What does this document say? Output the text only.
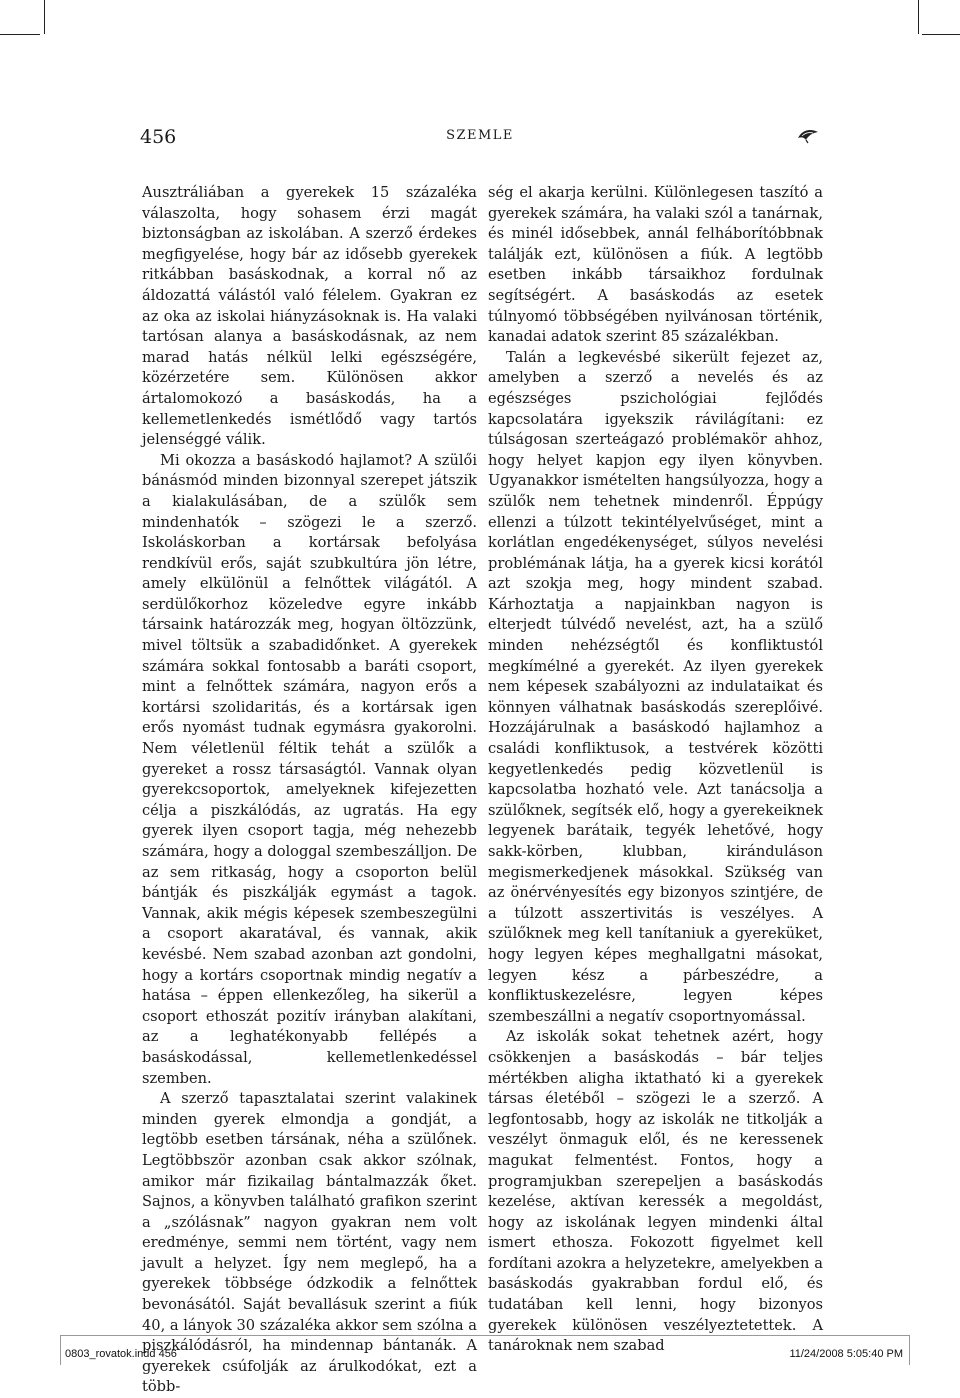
456	SZEMLE

Ausztráliában a gyerekek 15 százaléka válaszolta, hogy sohasem érzi magát biztonságban az iskolában. A szerző érdekes megfigyelése, hogy bár az idősebb gyerekek ritkábban basáskodnak, a korral nő az áldozattá válástól való félelem. Gyakran ez az oka az iskolai hiányzásoknak is. Ha valaki tartósan alanya a basáskodásnak, az nem marad hatás nélkül lelki egészségére, közérzetére sem. Különösen akkor ártalomokozó a basáskodás, ha a kellemetlenkedés ismétlődő vagy tartós jelenséggé válik.

Mi okozza a basáskodó hajlamot? A szülői bánásmód minden bizonnyal szerepet játszik a kialakulásában, de a szülők sem mindenhatók – szögezi le a szerző. Iskoláskorban a kortársak befolyása rendkívül erős, saját szubkultúra jön létre, amely elkülönül a felnőttek világától. A serdülőkorhoz közeledve egyre inkább társaink határozzák meg, hogyan öltözzünk, mivel töltsük a szabadidőnket. A gyerekek számára sokkal fontosabb a baráti csoport, mint a felnőttek számára, nagyon erős a kortársi szolidaritás, és a kortársak igen erős nyomást tudnak egymásra gyakorolni. Nem véletlenül féltik tehát a szülők a gyereket a rossz társaságtól. Vannak olyan gyerekcsoportok, amelyeknek kifejezetten célja a piszkálódás, az ugratás. Ha egy gyerek ilyen csoport tagja, még nehezebb számára, hogy a dologgal szembeszálljon. De az sem ritkaság, hogy a csoporton belül bántják és piszkálják egymást a tagok. Vannak, akik mégis képesek szembeszegülni a csoport akaratával, és vannak, akik kevésbé. Nem szabad azonban azt gondolni, hogy a kortárs csoportnak mindig negatív a hatása – éppen ellenkezőleg, ha sikerül a csoport ethoszát pozitív irányban alakítani, az a leghatékonyabb fellépés a basáskodással, kellemetlenkedéssel szemben.

A szerző tapasztalatai szerint valakinek minden gyerek elmondja a gondját, a legtöbb esetben társának, néha a szülőnek. Legtöbbször azonban csak akkor szólnak, amikor már fizikailag bántalmazzák őket. Sajnos, a könyvben található grafikon szerint a „szólásnak” nagyon gyakran nem volt eredménye, semmi nem történt, vagy nem javult a helyzet. Így nem meglepő, ha a gyerekek többsége ódzkodik a felnőttek bevonásától. Saját bevallásuk szerint a fiúk 40, a lányok 30 százaléka akkor sem szólna a piszkálódásról, ha mindennap bántanák. A gyerekek csúfolják az árulkodókat, ezt a több-

ség el akarja kerülni. Különlegesen taszító a gyerekek számára, ha valaki szól a tanárnak, és minél idősebbek, annál felháborítóbbnak találják ezt, különösen a fiúk. A legtöbb esetben inkább társaikhoz fordulnak segítségért. A basáskodás az esetek túlnyomó többségében nyilvánosan történik, kanadai adatok szerint 85 százalékban.

Talán a legkevésbé sikerült fejezet az, amelyben a szerző a nevelés és az egészséges pszichológiai fejlődés kapcsolatára igyekszik rávilágítani: ez túlságosan szerteágazó problémakör ahhoz, hogy helyet kapjon egy ilyen könyvben. Ugyanakkor ismételten hangsúlyozza, hogy a szülők nem tehetnek mindenről. Éppúgy ellenzi a túlzott tekintélyelvűséget, mint a korlátlan engedékenységet, súlyos nevelési problémának látja, ha a gyerek kicsi korától azt szokja meg, hogy mindent szabad. Kárhoztatja a napjainkban nagyon is elterjedt túlvédő nevelést, azt, ha a szülő minden nehézségtől és konfliktustól megkímélné a gyerekét. Az ilyen gyerekek nem képesek szabályozni az indulataikat és könnyen válhatnak basáskodás szereplőivé. Hozzájárulnak a basáskodó hajlamhoz a családi konfliktusok, a testvérek közötti kegyetlenkedés pedig közvetlenül is kapcsolatba hozható vele. Azt tanácsolja a szülőknek, segítsék elő, hogy a gyerekeiknek legyenek barátaik, tegyék lehetővé, hogy sakk-körben, klubban, kiránduláson megismerkedjenek másokkal. Szükség van az önérvényesítés egy bizonyos szintjére, de a túlzott asszertivitás is veszélyes. A szülőknek meg kell tanítaniuk a gyereküket, hogy legyen képes meghallgatni másokat, legyen kész a párbeszédre, a konfliktuskezelésre, legyen képes szembeszállni a negatív csoportnyomással.

Az iskolák sokat tehetnek azért, hogy csökkenjen a basáskodás – bár teljes mértékben aligha iktatható ki a gyerekek társas életéből – szögezi le a szerző. A legfontosabb, hogy az iskolák ne titkolják a veszélyt önmaguk elől, és ne keressenek magukat felmentést. Fontos, hogy a programjukban szerepeljen a basáskodás kezelése, aktívan keressék a megoldást, hogy az iskolának legyen mindenki által ismert ethosza. Fokozott figyelmet kell fordítani azokra a helyzetekre, amelyekben a basáskodás gyakrabban fordul elő, és tudatában kell lenni, hogy bizonyos gyerekek különösen veszélyeztetettek. A tanároknak nem szabad

0803_rovatok.indd 456	11/24/2008 5:05:40 PM
